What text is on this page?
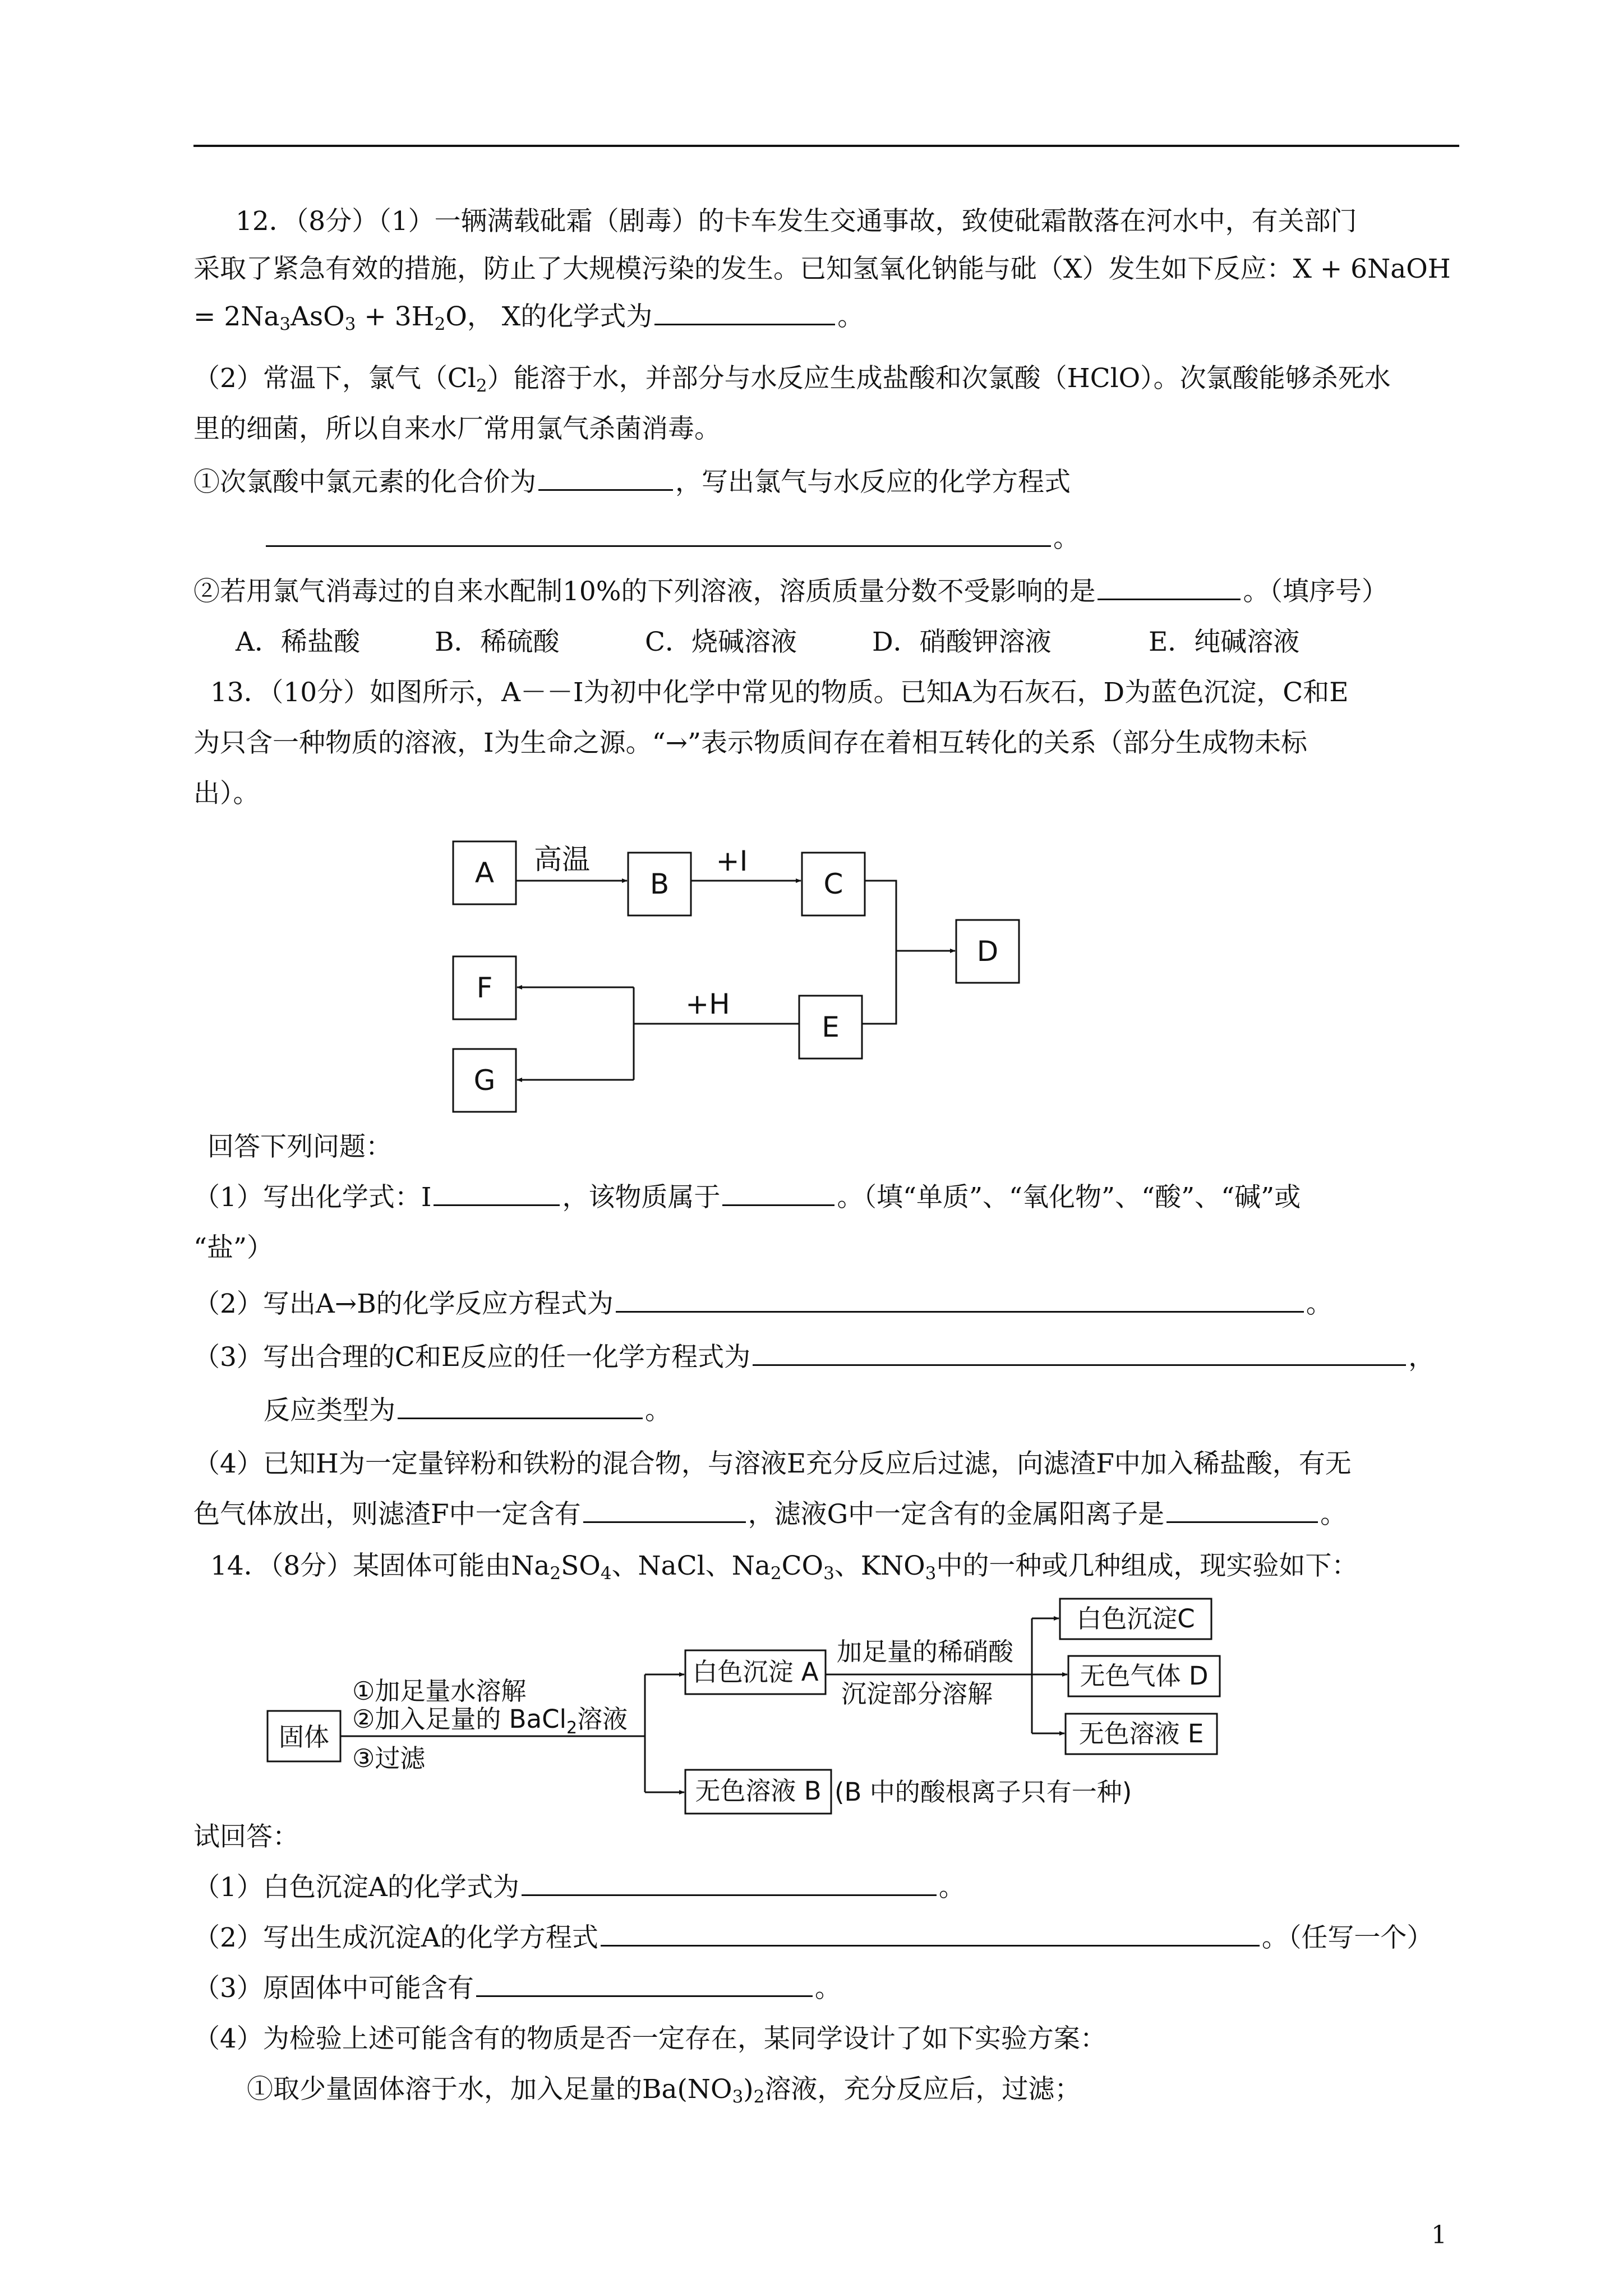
12．（8分）（1）一辆满载砒霜（剧毒）的卡车发生交通事故，致使砒霜散落在河水中，有关部门
采取了紧急有效的措施，防止了大规模污染的发生。已知氢氧化钠能与砒（X）发生如下反应：X + 6NaOH
= $2Na_3AsO_3 + 3H_2O$， X的化学式为	。
（2）常温下，氯气$(Cl_2)$能溶于水，并部分与水反应生成盐酸和次氯酸（HClO）。次氯酸能够杀死水
里的细菌，所以自来水厂常用氯气杀菌消毒。
①次氯酸中氯元素的化合价为	，写出氯气与水反应的化学方程式
。
②若用氯气消毒过的自来水配制10%的下列溶液，溶质质量分数不受影响的是	。（填序号）
A．稀盐酸	B．稀硫酸	C．烧碱溶液	D．硝酸钾溶液	E．纯碱溶液
13．（10分）如图所示，A－－I为初中化学中常见的物质。已知A为石灰石，D为蓝色沉淀，C和E
为只含一种物质的溶液，I为生命之源。“→”表示物质间存在着相互转化的关系（部分生成物未标
出）。
A	B	C
D
E
F
G
高温	+I
+H
回答下列问题：
（1）写出化学式：I	，该物质属于	。（填“单质”、“氧化物”、“酸”、“碱”或
“盐”）
（2）写出A→B的化学反应方程式为	。
（3）写出合理的C和E反应的任一化学方程式为	，
反应类型为	。
（4）已知H为一定量锌粉和铁粉的混合物，与溶液E充分反应后过滤，向滤渣F中加入稀盐酸，有无
色气体放出，则滤渣F中一定含有	，滤液G中一定含有的金属阳离子是	。
14．（8分）某固体可能由$Na_2SO_4$、NaCl、$Na_2CO_3$、$KNO_3$中的一种或几种组成，现实验如下：
固体
①加足量水溶解
②加入足量的 BaCl$_2$溶液
③过滤
白色沉淀 A
加足量的稀硝酸
沉淀部分溶解
白色沉淀C
无色气体 D
无色溶液 E
无色溶液 B (B 中的酸根离子只有一种)
试回答：
（1）白色沉淀A的化学式为	。
（2）写出生成沉淀A的化学方程式	。（任写一个）
（3）原固体中可能含有	。
（4）为检验上述可能含有的物质是否一定存在，某同学设计了如下实验方案：
①取少量固体溶于水，加入足量的$Ba(NO_3)_2$溶液，充分反应后，过滤；
1
